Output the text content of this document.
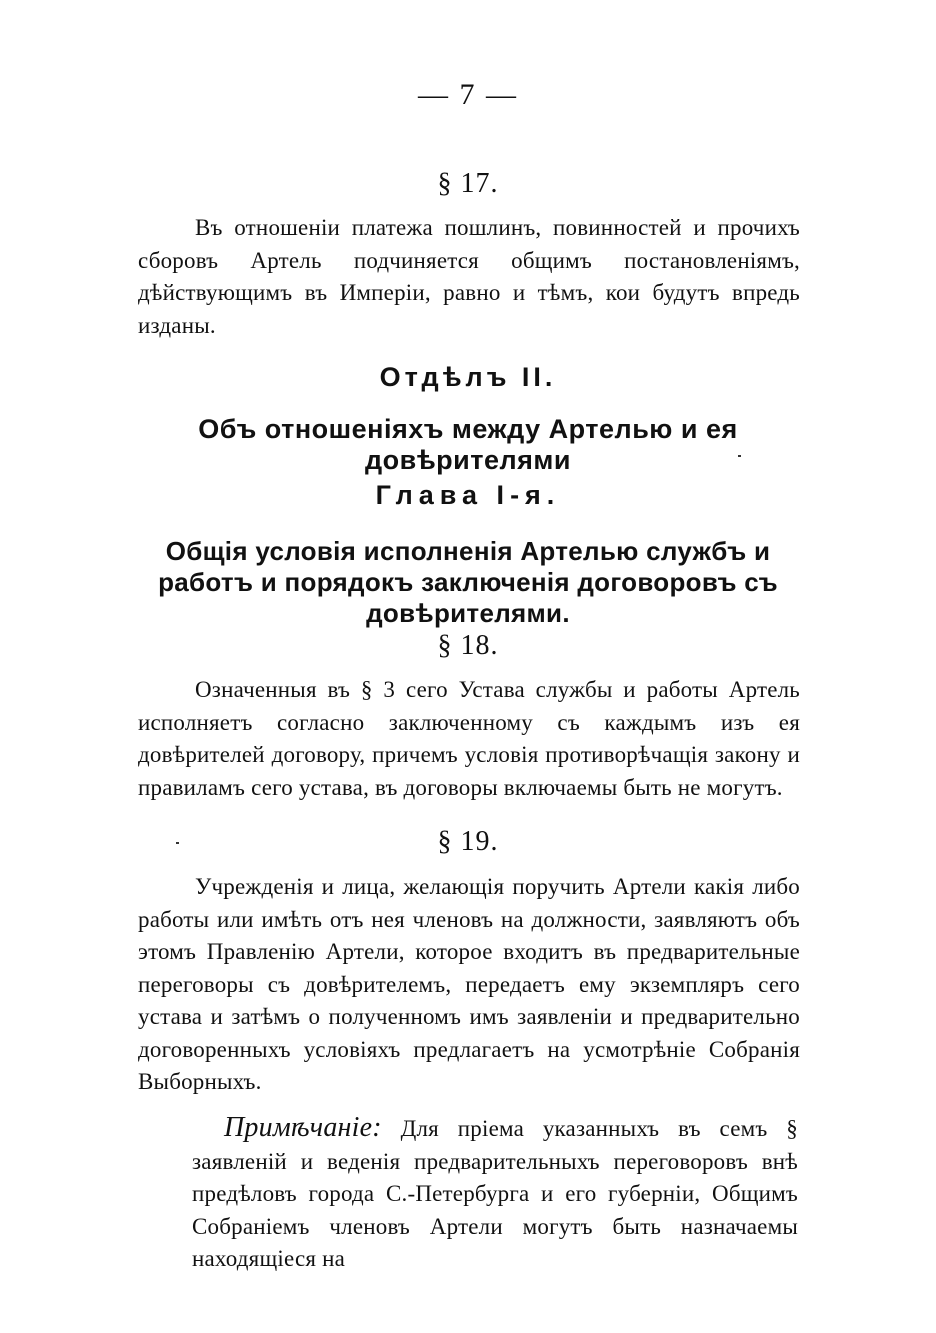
— 7 —
§ 17.
Въ отношеніи платежа пошлинъ, повинностей и прочихъ сборовъ Артель подчиняется общимъ постановленіямъ, дѣйствующимъ въ Имперіи, равно и тѣмъ, кои будутъ впредь изданы.
Отдѣлъ II.
Объ отношеніяхъ между Артелью и ея довѣрителями
Глава I-я.
Общія условія исполненія Артелью службъ и работъ и порядокъ заключенія договоровъ съ довѣрителями.
§ 18.
Означенныя въ § 3 сего Устава службы и работы Артель исполняетъ согласно заключенному съ каждымъ изъ ея довѣрителей договору, причемъ условія противорѣчащія закону и правиламъ сего устава, въ договоры включаемы быть не могутъ.
§ 19.
Учрежденія и лица, желающія поручить Артели какія либо работы или имѣть отъ нея членовъ на должности, заявляютъ объ этомъ Правленію Артели, которое входитъ въ предварительные переговоры съ довѣрителемъ, передаетъ ему экземпляръ сего устава и затѣмъ о полученномъ имъ заявленіи и предварительно договоренныхъ условіяхъ предлагаетъ на усмотрѣніе Собранія Выборныхъ.
Примѣчаніе: Для пріема указанныхъ въ семъ § заявленій и веденія предварительныхъ переговоровъ внѣ предѣловъ города С.-Петербурга и его губерніи, Общимъ Собраніемъ членовъ Артели могутъ быть назначаемы находящіеся на
